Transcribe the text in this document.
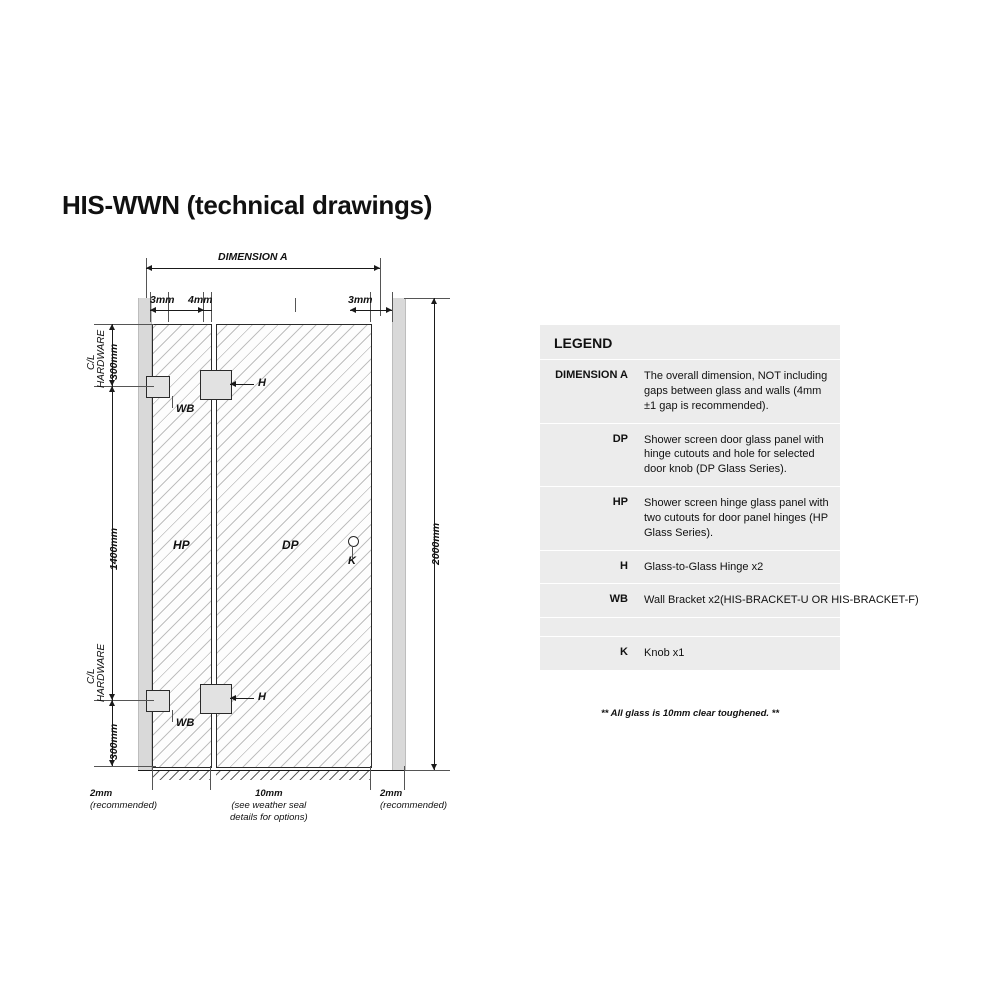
HIS-WWN (technical drawings)
DIMENSION A
3mm 4mm	3mm
HP	DP
H
H
WB
WB
K
300mm
C/L HARDWARE
1400mm
300mm
C/L HARDWARE
2000mm
2mm
(recommended)
10mm
(see weather seal
details for options)
2mm
(recommended)
LEGEND
DIMENSION A	The overall dimension, NOT including gaps between glass and walls (4mm ±1 gap is recommended).
DP	Shower screen door glass panel with hinge cutouts and hole for selected door knob (DP Glass Series).
HP	Shower screen hinge glass panel with two cutouts for door panel hinges (HP Glass Series).
H	Glass-to-Glass Hinge x2
WB	Wall Bracket x2(HIS-BRACKET-U OR HIS-BRACKET-F)
K	Knob x1
** All glass is 10mm clear toughened. **
